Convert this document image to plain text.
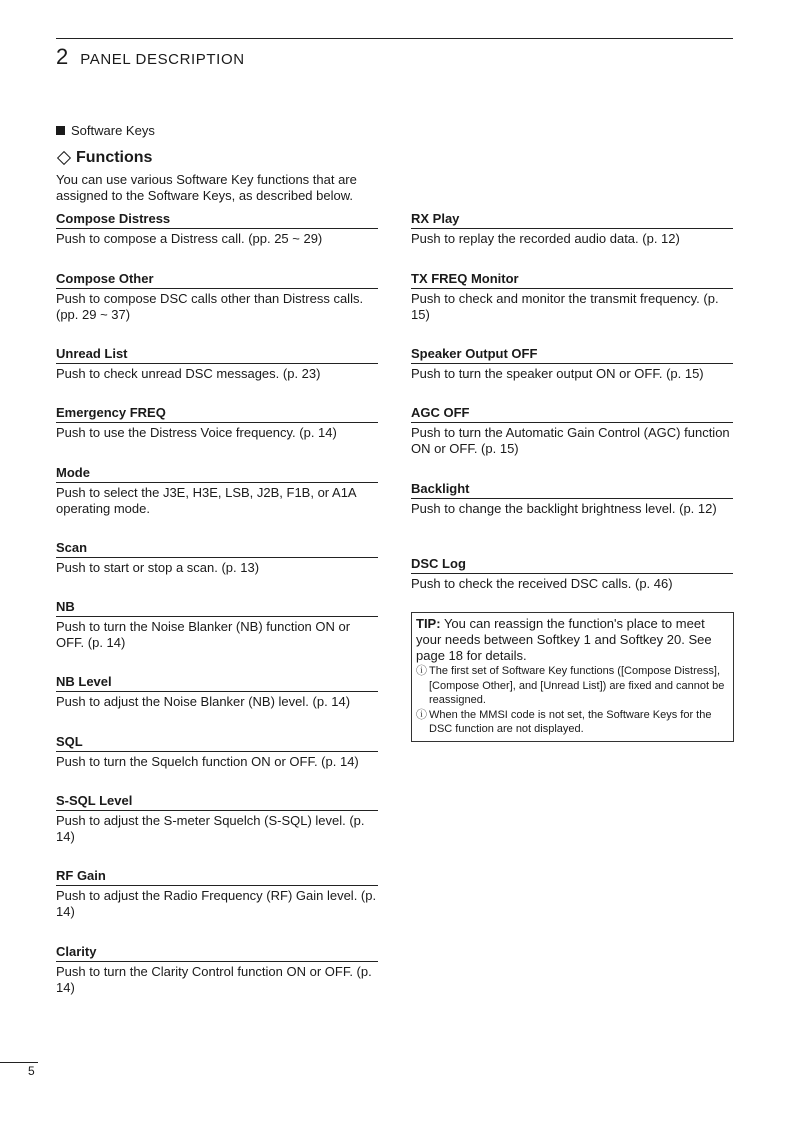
2 PANEL DESCRIPTION
Software Keys
Functions
You can use various Software Key functions that are assigned to the Software Keys, as described below.
Compose Distress
Push to compose a Distress call. (pp. 25 ~ 29)
Compose Other
Push to compose DSC calls other than Distress calls. (pp. 29 ~ 37)
Unread List
Push to check unread DSC messages. (p. 23)
Emergency FREQ
Push to use the Distress Voice frequency. (p. 14)
Mode
Push to select the J3E, H3E, LSB, J2B, F1B, or A1A operating mode.
Scan
Push to start or stop a scan. (p. 13)
NB
Push to turn the Noise Blanker (NB) function ON or OFF. (p. 14)
NB Level
Push to adjust the Noise Blanker (NB) level. (p. 14)
SQL
Push to turn the Squelch function ON or OFF. (p. 14)
S-SQL Level
Push to adjust the S-meter Squelch (S-SQL) level. (p. 14)
RF Gain
Push to adjust the Radio Frequency (RF) Gain level. (p. 14)
Clarity
Push to turn the Clarity Control function ON or OFF. (p. 14)
RX Play
Push to replay the recorded audio data. (p. 12)
TX FREQ Monitor
Push to check and monitor the transmit frequency. (p. 15)
Speaker Output OFF
Push to turn the speaker output ON or OFF. (p. 15)
AGC OFF
Push to turn the Automatic Gain Control (AGC) function ON or OFF. (p. 15)
Backlight
Push to change the backlight brightness level. (p. 12)
DSC Log
Push to check the received DSC calls. (p. 46)
TIP: You can reassign the function's place to meet your needs between Softkey 1 and Softkey 20. See page 18 for details.
ⓘ The first set of Software Key functions ([Compose Distress], [Compose Other], and [Unread List]) are fixed and cannot be reassigned.
ⓘ When the MMSI code is not set, the Software Keys for the DSC function are not displayed.
5
